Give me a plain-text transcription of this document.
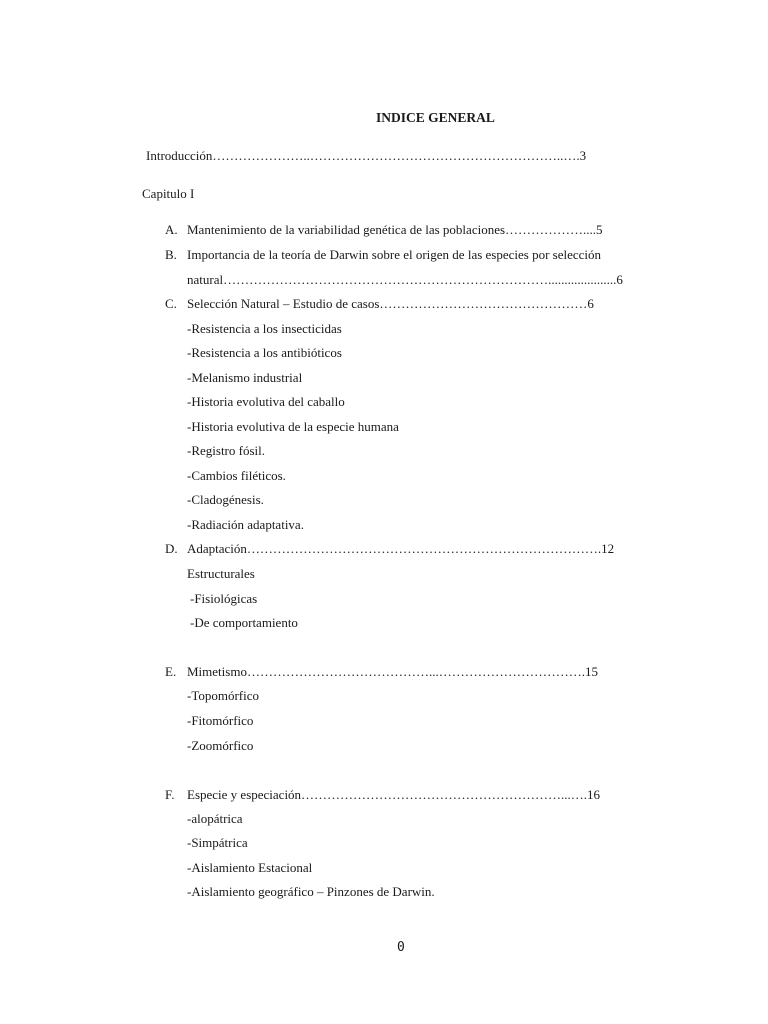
INDICE GENERAL
Introducción…………………..…………………………………………………..….3
Capitulo I
A. Mantenimiento de la variabilidad genética de las poblaciones………………....5
B. Importancia de la teoría de Darwin sobre el origen de las especies por selección
natural………………………………………………………………….....................6
C. Selección Natural – Estudio de casos…………………………………………6
-Resistencia a los insecticidas
-Resistencia a los antibióticos
-Melanismo industrial
-Historia evolutiva del caballo
-Historia evolutiva de la especie humana
-Registro fósil.
-Cambios filéticos.
-Cladogénesis.
-Radiación adaptativa.
D. Adaptación……………………………………………………………………….12
Estructurales
-Fisiológicas
-De comportamiento
E. Mimetismo……………………………………...…………………………….15
-Topomórfico
-Fitomórfico
-Zoomórfico
F. Especie y especiación……………………………………………………...….16
-alopátrica
-Simpátrica
-Aislamiento Estacional
-Aislamiento geográfico – Pinzones de Darwin.
0
